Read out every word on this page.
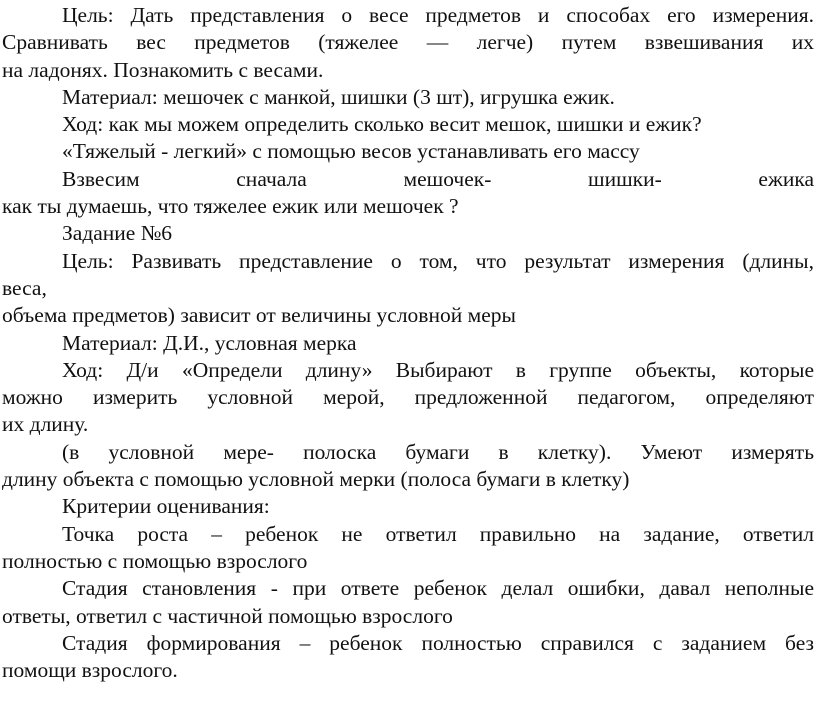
Цель: Дать представления о весе предметов и способах его измерения.
Сравнивать вес предметов (тяжелее — легче) путем взвешивания их
на ладонях. Познакомить с весами.
Материал: мешочек с манкой, шишки (3 шт), игрушка ежик.
Ход: как мы можем определить сколько весит мешок, шишки и ежик?
«Тяжелый - легкий» с помощью весов устанавливать его массу
Взвесим сначала мешочек- шишки- ежика
как ты думаешь, что тяжелее ежик или мешочек ?
Задание №6
Цель: Развивать представление о том, что результат измерения (длины,
веса,
объема предметов) зависит от величины условной меры
Материал: Д.И., условная мерка
Ход: Д/и «Определи длину» Выбирают в группе объекты, которые
можно измерить условной мерой, предложенной педагогом, определяют
их длину.
(в условной мере- полоска бумаги в клетку). Умеют измерять
длину объекта с помощью условной мерки (полоса бумаги в клетку)
Критерии оценивания:
Точка роста – ребенок не ответил правильно на задание, ответил
полностью с помощью взрослого
Стадия становления - при ответе ребенок делал ошибки, давал неполные
ответы, ответил с частичной помощью взрослого
Стадия формирования – ребенок полностью справился с заданием без
помощи взрослого.
